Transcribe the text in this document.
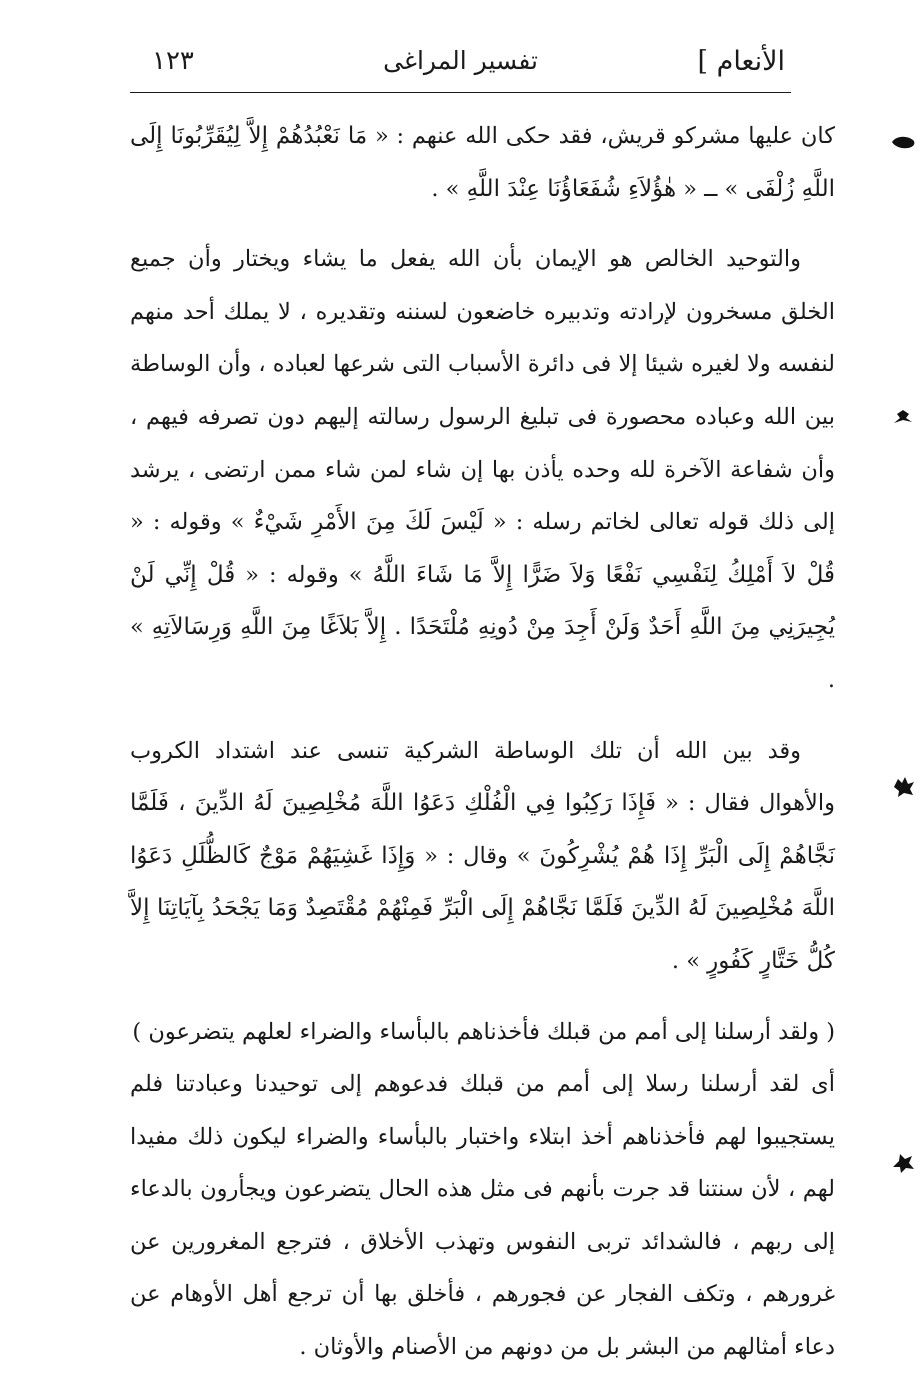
الأنعام ]
تفسير المراغى
١٢٣

كان عليها مشركو قريش، فقد حكى الله عنهم : « مَا نَعْبُدُهُمْ إِلاَّ لِيُقَرِّبُونَا إِلَى اللَّهِ زُلْفَى » ــ « هٰؤُلاَءِ شُفَعَاؤُنَا عِنْدَ اللَّهِ » .

والتوحيد الخالص هو الإيمان بأن الله يفعل ما يشاء ويختار وأن جميع الخلق مسخرون لإرادته وتدبيره خاضعون لسننه وتقديره ، لا يملك أحد منهم لنفسه ولا لغيره شيئا إلا فى دائرة الأسباب التى شرعها لعباده ، وأن الوساطة بين الله وعباده محصورة فى تبليغ الرسول رسالته إليهم دون تصرفه فيهم ، وأن شفاعة الآخرة لله وحده يأذن بها إن شاء لمن شاء ممن ارتضى ، يرشد إلى ذلك قوله تعالى لخاتم رسله : « لَيْسَ لَكَ مِنَ الأَمْرِ شَيْءٌ » وقوله : « قُلْ لاَ أَمْلِكُ لِنَفْسِي نَفْعًا وَلاَ ضَرًّا إِلاَّ مَا شَاءَ اللَّهُ » وقوله : « قُلْ إِنِّي لَنْ يُجِيرَنِي مِنَ اللَّهِ أَحَدٌ وَلَنْ أَجِدَ مِنْ دُونِهِ مُلْتَحَدًا . إِلاَّ بَلاَغًا مِنَ اللَّهِ وَرِسَالاَتِهِ » .

وقد بين الله أن تلك الوساطة الشركية تنسى عند اشتداد الكروب والأهوال فقال : « فَإِذَا رَكِبُوا فِي الْفُلْكِ دَعَوُا اللَّهَ مُخْلِصِينَ لَهُ الدِّينَ ، فَلَمَّا نَجَّاهُمْ إِلَى الْبَرِّ إِذَا هُمْ يُشْرِكُونَ » وقال : « وَإِذَا غَشِيَهُمْ مَوْجٌ كَالظُّلَلِ دَعَوُا اللَّهَ مُخْلِصِينَ لَهُ الدِّينَ فَلَمَّا نَجَّاهُمْ إِلَى الْبَرِّ فَمِنْهُمْ مُقْتَصِدٌ وَمَا يَجْحَدُ بِآيَاتِنَا إِلاَّ كُلُّ خَتَّارٍ كَفُورٍ » .

( ولقد أرسلنا إلى أمم من قبلك فأخذناهم بالبأساء والضراء لعلهم يتضرعون )

أى لقد أرسلنا رسلا إلى أمم من قبلك فدعوهم إلى توحيدنا وعبادتنا فلم يستجيبوا لهم فأخذناهم أخذ ابتلاء واختبار بالبأساء والضراء ليكون ذلك مفيدا لهم ، لأن سنتنا قد جرت بأنهم فى مثل هذه الحال يتضرعون ويجأرون بالدعاء إلى ربهم ، فالشدائد تربى النفوس وتهذب الأخلاق ، فترجع المغرورين عن غرورهم ، وتكف الفجار عن فجورهم ، فأخلق بها أن ترجع أهل الأوهام عن دعاء أمثالهم من البشر بل من دونهم من الأصنام والأوثان .
